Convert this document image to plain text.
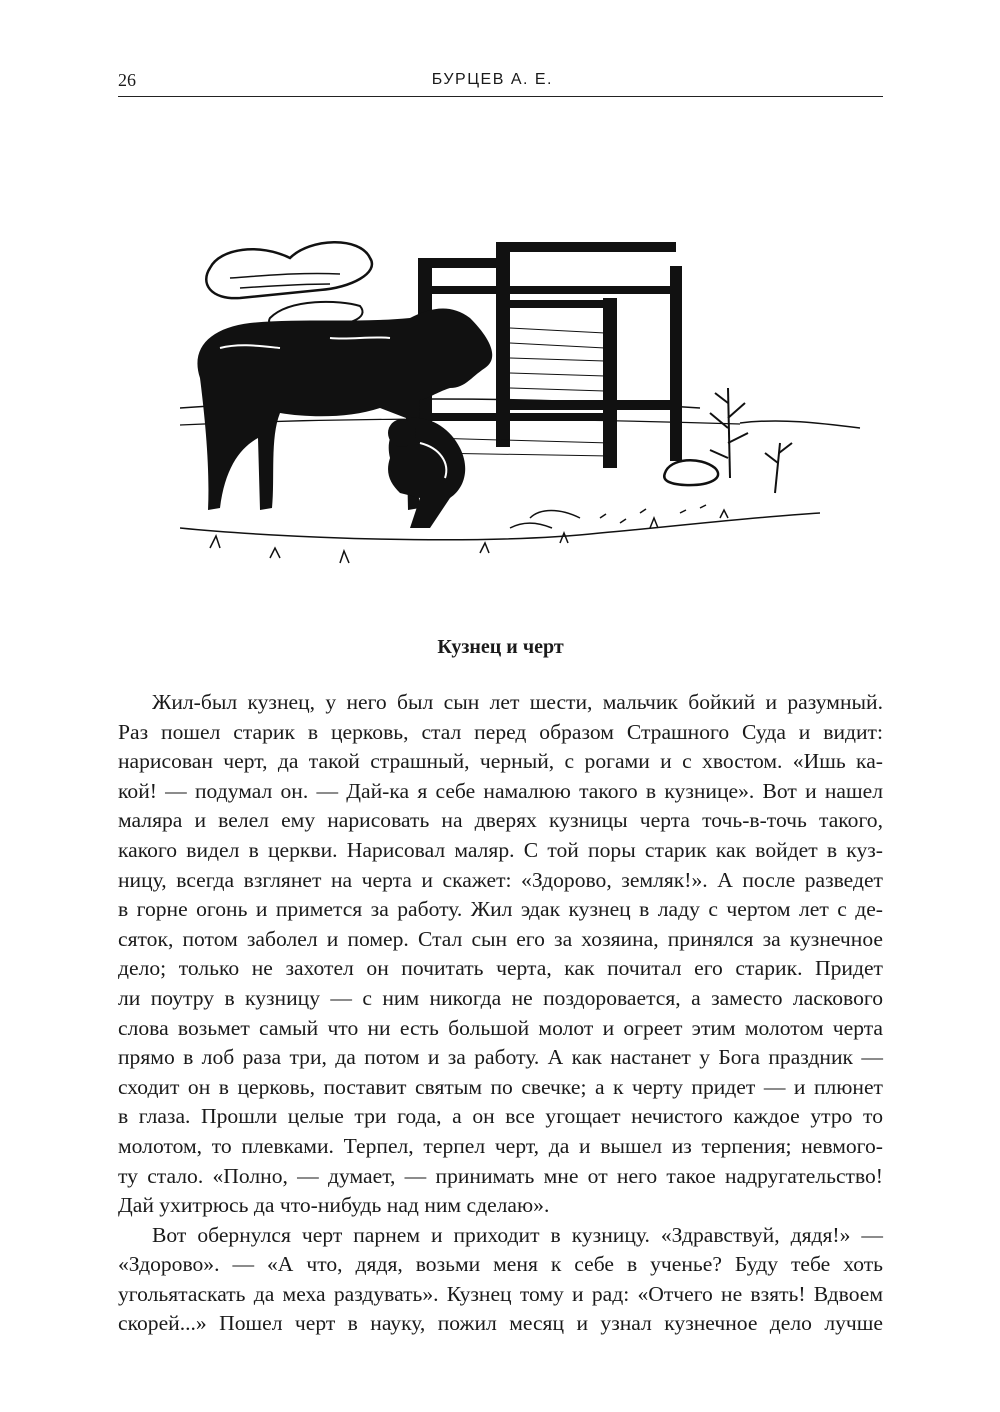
26	БУРЦЕВ А. Е.
Кузнец и черт
Жил-был кузнец, у него был сын лет шести, мальчик бойкий и разумный.
Раз пошел старик в церковь, стал перед образом Страшного Суда и видит:
нарисован черт, да такой страшный, черный, с рогами и с хвостом. «Ишь ка-
кой! — подумал он. — Дай-ка я себе намалюю такого в кузнице». Вот и нашел
маляра и велел ему нарисовать на дверях кузницы черта точь-в-точь такого,
какого видел в церкви. Нарисовал маляр. С той поры старик как войдет в куз-
ницу, всегда взглянет на черта и скажет: «Здорово, земляк!». А после разведет
в горне огонь и примется за работу. Жил эдак кузнец в ладу с чертом лет с де-
сяток, потом заболел и помер. Стал сын его за хозяина, принялся за кузнечное
дело; только не захотел он почитать черта, как почитал его старик. Придет
ли поутру в кузницу — с ним никогда не поздоровается, а заместо ласкового
слова возьмет самый что ни есть большой молот и огреет этим молотом черта
прямо в лоб раза три, да потом и за работу. А как настанет у Бога праздник —
сходит он в церковь, поставит святым по свечке; а к черту придет — и плюнет
в глаза. Прошли целые три года, а он все угощает нечистого каждое утро то
молотом, то плевками. Терпел, терпел черт, да и вышел из терпения; невмого-
ту стало. «Полно, — думает, — принимать мне от него такое надругательство!
Дай ухитрюсь да что-нибудь над ним сделаю».
Вот обернулся черт парнем и приходит в кузницу. «Здравствуй, дядя!» —
«Здорово». — «А что, дядя, возьми меня к себе в ученье? Буду тебе хоть
угольятаскать да меха раздувать». Кузнец тому и рад: «Отчего не взять! Вдвоем
скорей...» Пошел черт в науку, пожил месяц и узнал кузнечное дело лучше
